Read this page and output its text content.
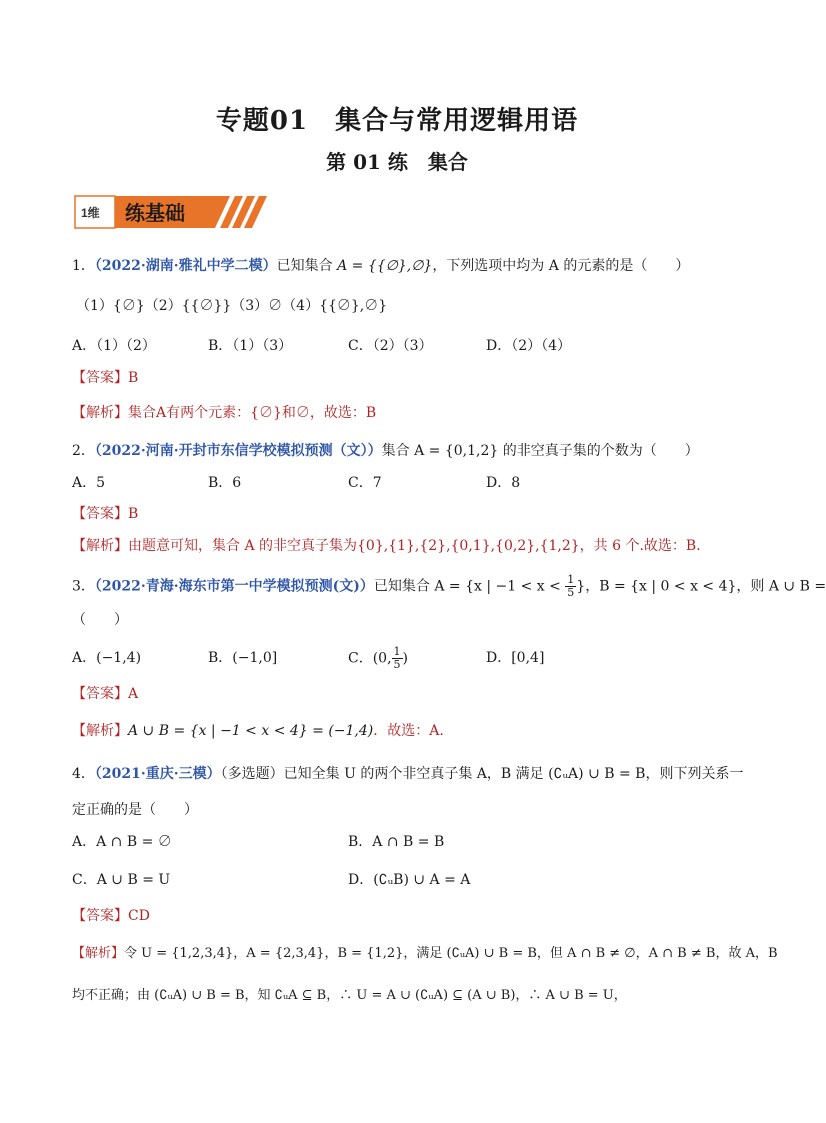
专题01　集合与常用逻辑用语
第 01 练　集合
1维 练基础
1．（2022·湖南·雅礼中学二模）已知集合 A = {{∅},∅}，下列选项中均为 A 的元素的是（　　）
（1）{∅}（2）{{∅}}（3）∅（4）{{∅},∅}
A．（1）（2）	B．（1）（3）	C．（2）（3）	D．（2）（4）
【答案】B
【解析】集合A有两个元素：{∅}和∅，故选：B
2．（2022·河南·开封市东信学校模拟预测（文））集合 A = {0,1,2} 的非空真子集的个数为（　　）
A．5	B．6	C．7	D．8
【答案】B
【解析】由题意可知，集合 A 的非空真子集为{0},{1},{2},{0,1},{0,2},{1,2}，共 6 个.故选：B.
3．（2022·青海·海东市第一中学模拟预测(文)）已知集合 A = {x | $-1 < x < \frac{1}{5}$ }，B = {x | 0 < x < 4}，则 A ∪ B =
（　　）
A．(−1,4)	B．(−1,0]	C．(0, $\frac{1}{5}$ )	D．[0,4]
【答案】A
【解析】A ∪ B = {x | −1 < x < 4} = (−1,4)．故选：A.
4．（2021·重庆·三模）（多选题）已知全集 U 的两个非空真子集 A，B 满足 (∁ᵤA) ∪ B = B，则下列关系一
定正确的是（　　）
A．A ∩ B = ∅	B．A ∩ B = B
C．A ∪ B = U	D．(∁ᵤB) ∪ A = A
【答案】CD
【解析】令 U = {1,2,3,4}，A = {2,3,4}，B = {1,2}，满足 (∁ᵤA) ∪ B = B，但 A ∩ B ≠ ∅，A ∩ B ≠ B，故 A，B
均不正确；由 (∁ᵤA) ∪ B = B，知 ∁ᵤA ⊆ B，∴ U = A ∪ (∁ᵤA) ⊆ (A ∪ B)，∴ A ∪ B = U，
